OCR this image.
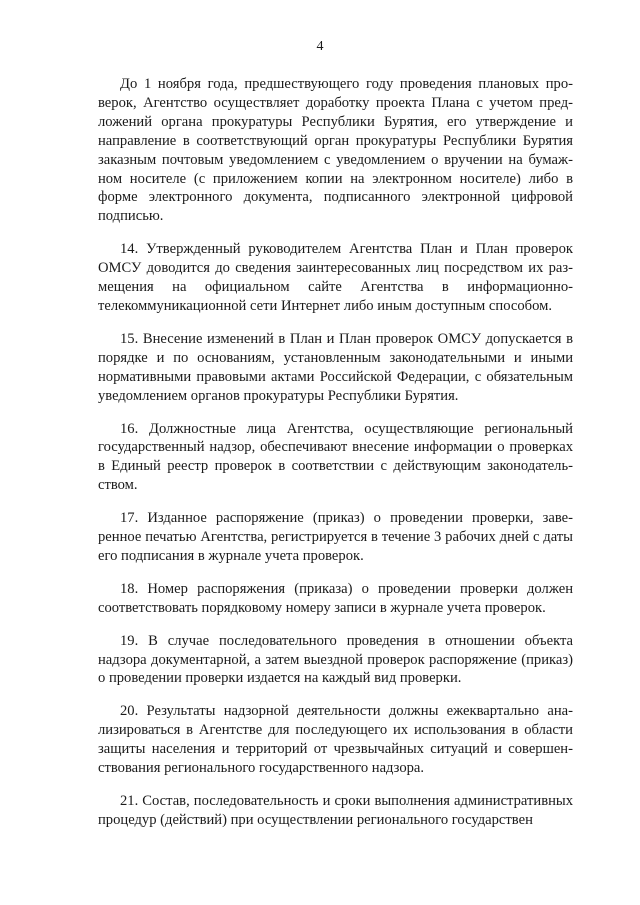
4

До 1 ноября года, предшествующего году проведения плановых проверок, Агентство осуществляет доработку проекта Плана с учетом предложений органа прокуратуры Республики Бурятия, его утверждение и направление в соответствующий орган прокуратуры Республики Бурятия заказным почтовым уведомлением с уведомлением о вручении на бумажном носителе (с приложением копии на электронном носителе) либо в форме электронного документа, подписанного электронной цифровой подписью.

14. Утвержденный руководителем Агентства План и План проверок ОМСУ доводится до сведения заинтересованных лиц посредством их размещения на официальном сайте Агентства в информационно-телекоммуникационной сети Интернет либо иным доступным способом.

15. Внесение изменений в План и План проверок ОМСУ допускается в порядке и по основаниям, установленным законодательными и иными нормативными правовыми актами Российской Федерации, с обязательным уведомлением органов прокуратуры Республики Бурятия.

16. Должностные лица Агентства, осуществляющие региональный государственный надзор, обеспечивают внесение информации о проверках в Единый реестр проверок в соответствии с действующим законодательством.

17. Изданное распоряжение (приказ) о проведении проверки, заверенное печатью Агентства, регистрируется в течение 3 рабочих дней с даты его подписания в журнале учета проверок.

18. Номер распоряжения (приказа) о проведении проверки должен соответствовать порядковому номеру записи в журнале учета проверок.

19. В случае последовательного проведения в отношении объекта надзора документарной, а затем выездной проверок распоряжение (приказ) о проведении проверки издается на каждый вид проверки.

20. Результаты надзорной деятельности должны ежеквартально анализироваться в Агентстве для последующего их использования в области защиты населения и территорий от чрезвычайных ситуаций и совершенствования регионального государственного надзора.

21. Состав, последовательность и сроки выполнения административных процедур (действий) при осуществлении регионального государствен
